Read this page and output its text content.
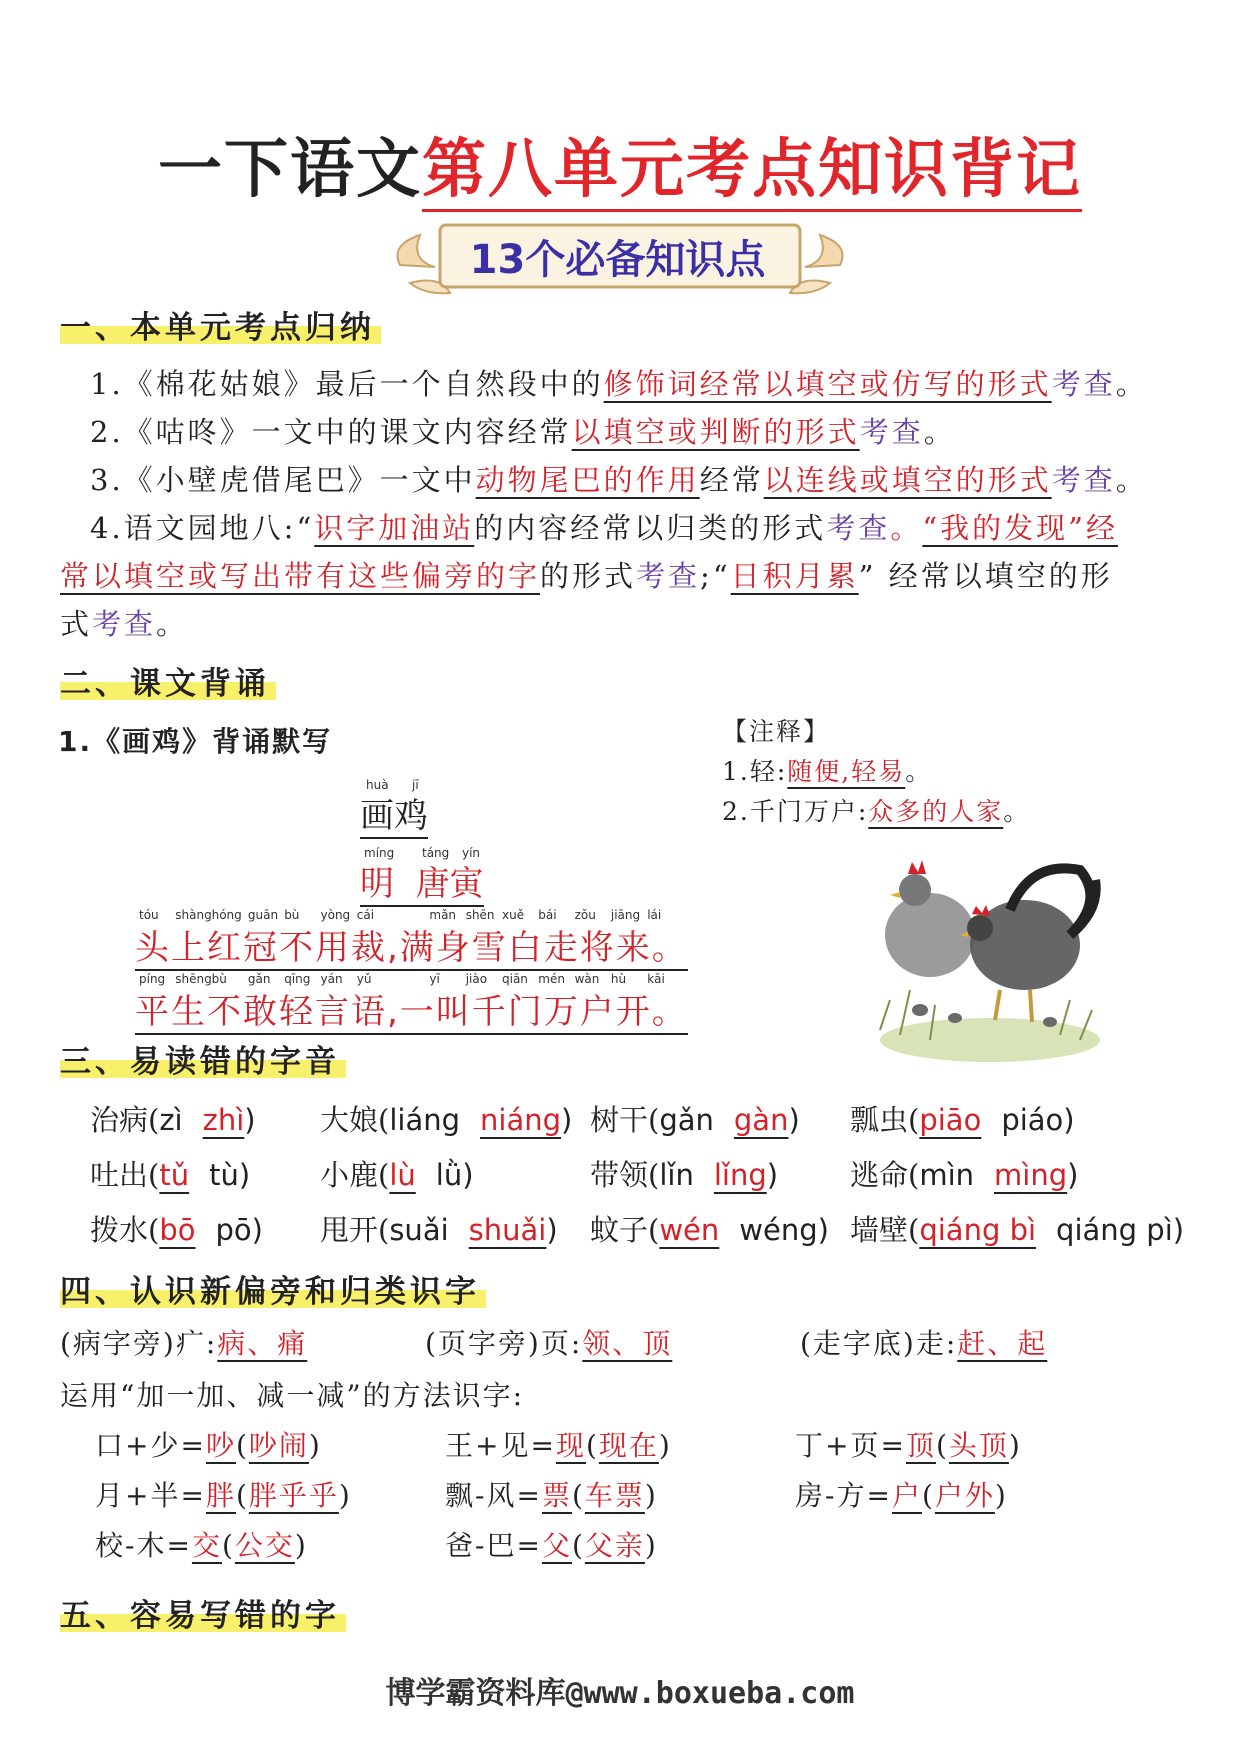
一下语文第八单元考点知识背记
13个必备知识点
一、本单元考点归纳
1.《棉花姑娘》最后一个自然段中的修饰词经常以填空或仿写的形式考查。
2.《咕咚》一文中的课文内容经常以填空或判断的形式考查。
3.《小壁虎借尾巴》一文中动物尾巴的作用经常以连线或填空的形式考查。
4.语文园地八:“识字加油站的内容经常以归类的形式考查。“我的发现”经
常以填空或写出带有这些偏旁的字的形式考查;“日积月累” 经常以填空的形
式考查。
二、课文背诵
1.《画鸡》背诵默写	【注释】
1.轻:随便,轻易。
2.千门万户:众多的人家。
huà jī
画鸡
míng táng yín
明  唐寅
tóu shàng hóng guān bù yòng cái	mǎn shēn xuě bái zǒu jiāng lái
头上红冠不用裁,满身雪白走将来。
píng shēng bù gǎn qīng yán yǔ	yī jiào qiān mén wàn hù kāi
平生不敢轻言语,一叫千门万户开。
三、易读错的字音
治病(zì zhì) 大娘(liáng niáng) 树干(gǎn gàn) 瓢虫(piāo piáo)
吐出(tǔ tù) 小鹿(lù lǜ)	带领(lǐn lǐng) 逃命(mìn mìng)
拨水(bō pō) 甩开(suǎi shuǎi) 蚊子(wén wéng) 墙壁(qiáng bì qiáng pì)
四、认识新偏旁和归类识字
(病字旁)疒:病、痛	(页字旁)页:领、顶	(走字底)走:赶、起
运用“加一加、减一减”的方法识字:
口+少=吵(吵闹)	王+见=现(现在)	丁+页=顶(头顶)
月+半=胖(胖乎乎)	飘-风=票(车票)	房-方=户(户外)
校-木=交(公交)	爸-巴=父(父亲)
五、容易写错的字
博学霸资料库@www.boxueba.com
